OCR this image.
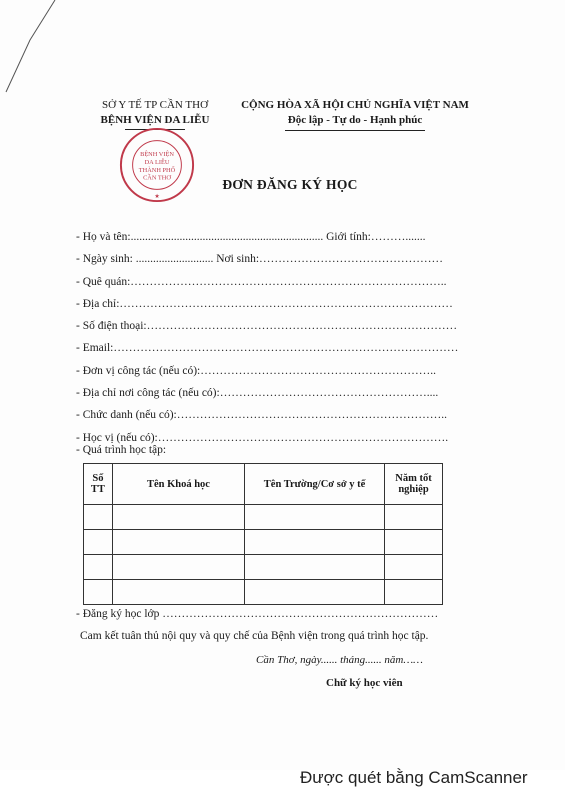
SỞ Y TẾ TP CẦN THƠ
BỆNH VIỆN DA LIỄU
CỘNG HÒA XÃ HỘI CHỦ NGHĨA VIỆT NAM
Độc lập - Tự do - Hạnh phúc
BỆNH VIỆN
DA LIỄU
THÀNH PHỐ
CẦN THƠ
★
ĐƠN ĐĂNG KÝ HỌC
- Họ và tên:................................................................... Giới tính:……….......
- Ngày sinh: ........................... Nơi sinh:…………………………………………
- Quê quán:………………………………………………………………………..
- Địa chỉ:……………………………………………………………………………
- Số điện thoại:………………………………………………………………………
- Email:………………………………………………………………………………
- Đơn vị công tác (nếu có):……………………………………………………..
- Địa chỉ nơi công tác (nếu có):………………………………………………....
- Chức danh (nếu có):……………………………………………………………..
- Học vị (nếu có):………………………………………………………………….
- Quá trình học tập:
Số TT	Tên Khoá học	Tên Trường/Cơ sở y tế	Năm tốt nghiệp

- Đăng ký học lớp ………………………………………………………………
Cam kết tuân thủ nội quy và quy chế của Bệnh viện trong quá trình học tập.
Cần Thơ, ngày...... tháng...... năm……
Chữ ký học viên
Được quét bằng CamScanner
